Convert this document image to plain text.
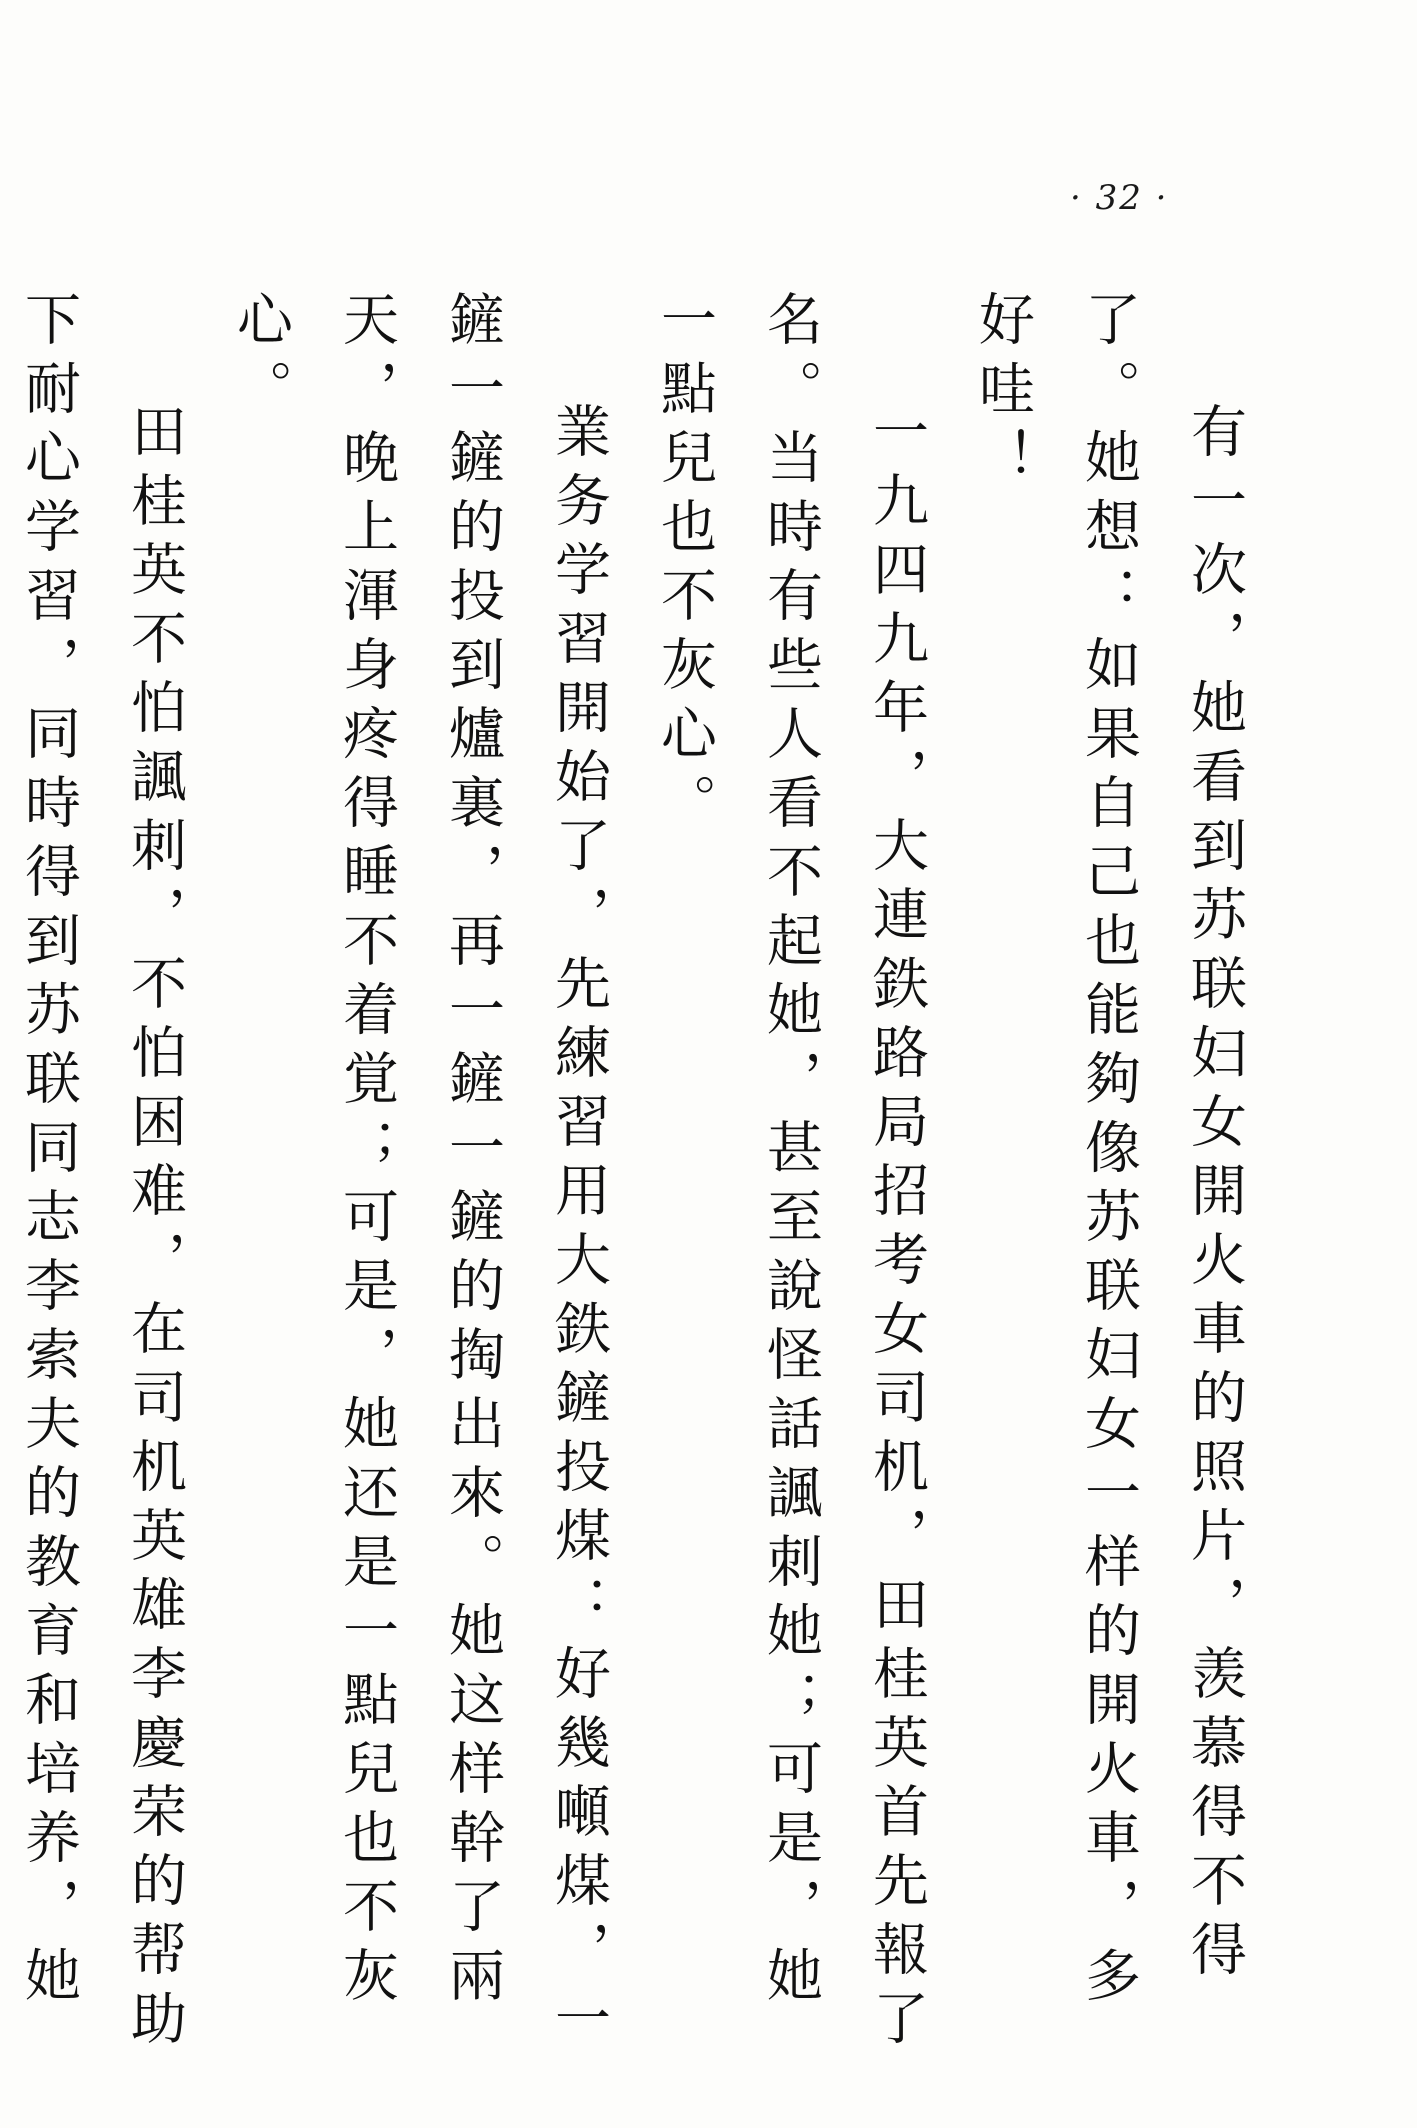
· 32 ·

有一次，她看到苏联妇女開火車的照片，羡慕得不得了。她想：如果自己也能夠像苏联妇女一样的開火車，多好哇！

一九四九年，大連鉄路局招考女司机，田桂英首先報了名。当時有些人看不起她，甚至說怪話諷刺她；可是，她一點兒也不灰心。

業务学習開始了，先練習用大鉄鏟投煤：好幾噸煤，一鏟一鏟的投到爐裏，再一鏟一鏟的掏出來。她这样幹了兩天，晚上渾身疼得睡不着覚；可是，她还是一點兒也不灰心。

田桂英不怕諷刺，不怕困难，在司机英雄李慶荣的帮助下耐心学習，同時得到苏联同志李索夫的教育和培养，她
